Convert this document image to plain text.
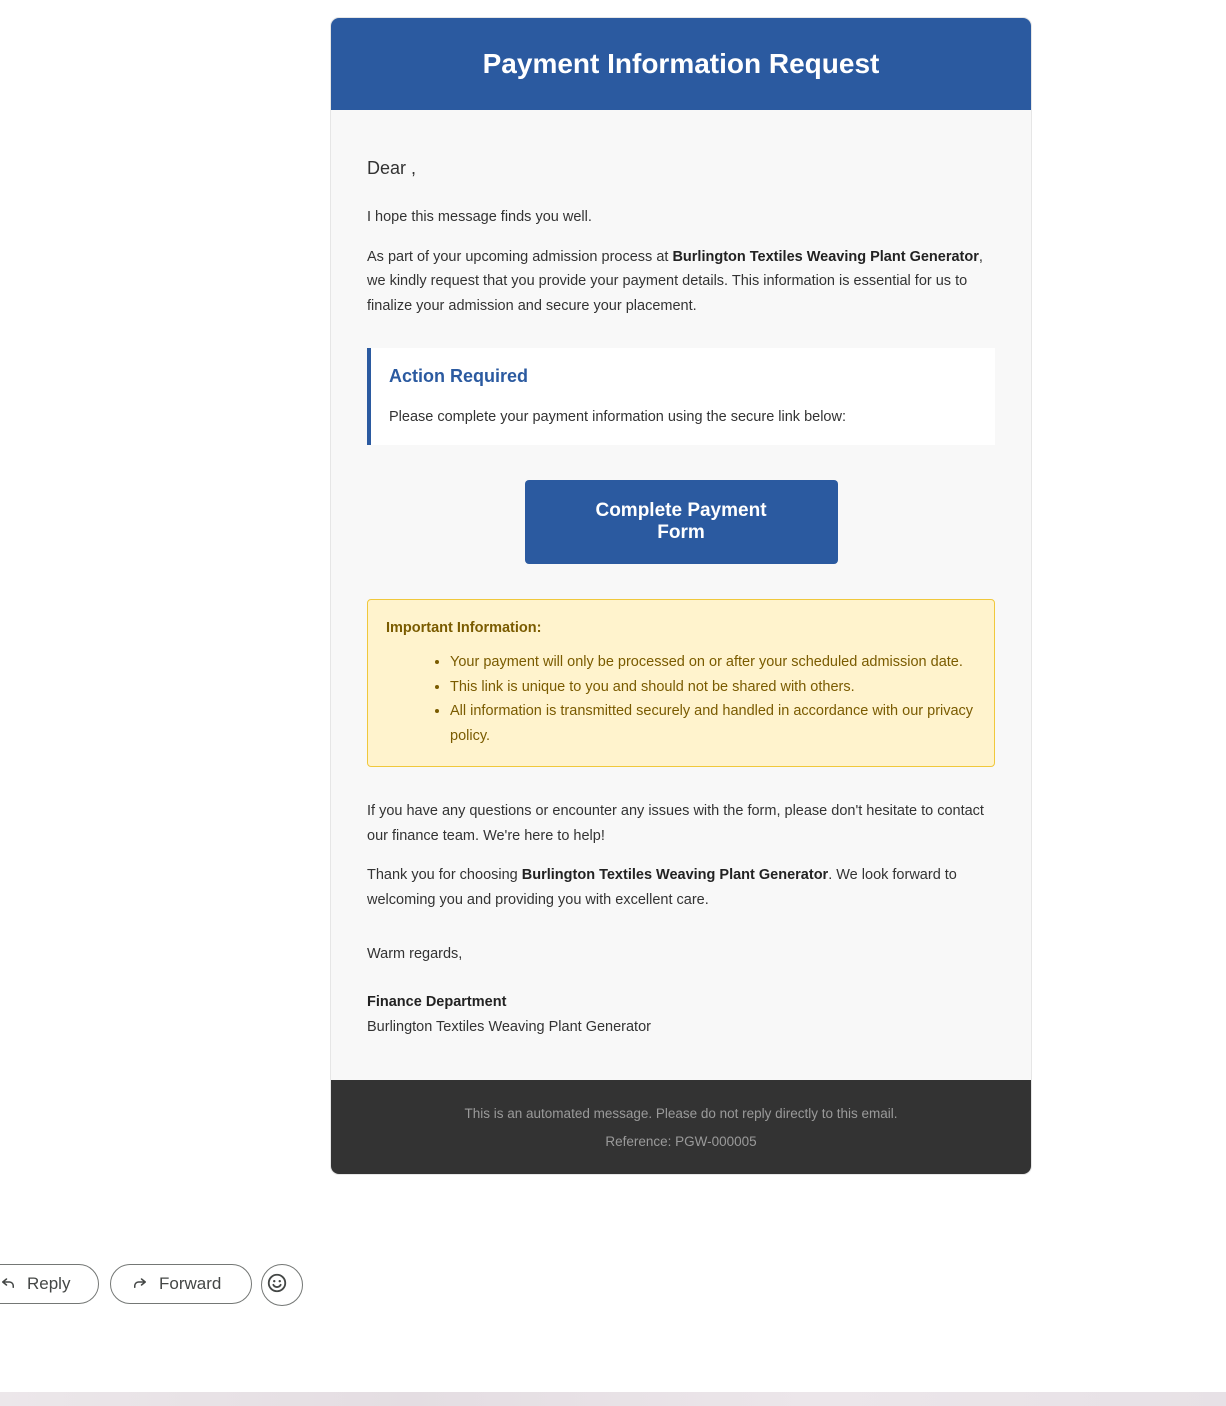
Payment Information Request
Dear ,

I hope this message finds you well.

As part of your upcoming admission process at Burlington Textiles Weaving Plant Generator, we kindly request that you provide your payment details. This information is essential for us to finalize your admission and secure your placement.

Action Required

Please complete your payment information using the secure link below:

Complete Payment Form
Important Information:
• Your payment will only be processed on or after your scheduled admission date.
• This link is unique to you and should not be shared with others.
• All information is transmitted securely and handled in accordance with our privacy policy.

If you have any questions or encounter any issues with the form, please don't hesitate to contact our finance team. We're here to help!

Thank you for choosing Burlington Textiles Weaving Plant Generator. We look forward to welcoming you and providing you with excellent care.

Warm regards,
Finance Department
Burlington Textiles Weaving Plant Generator
This is an automated message. Please do not reply directly to this email.
Reference: PGW-000005
Reply	Forward
